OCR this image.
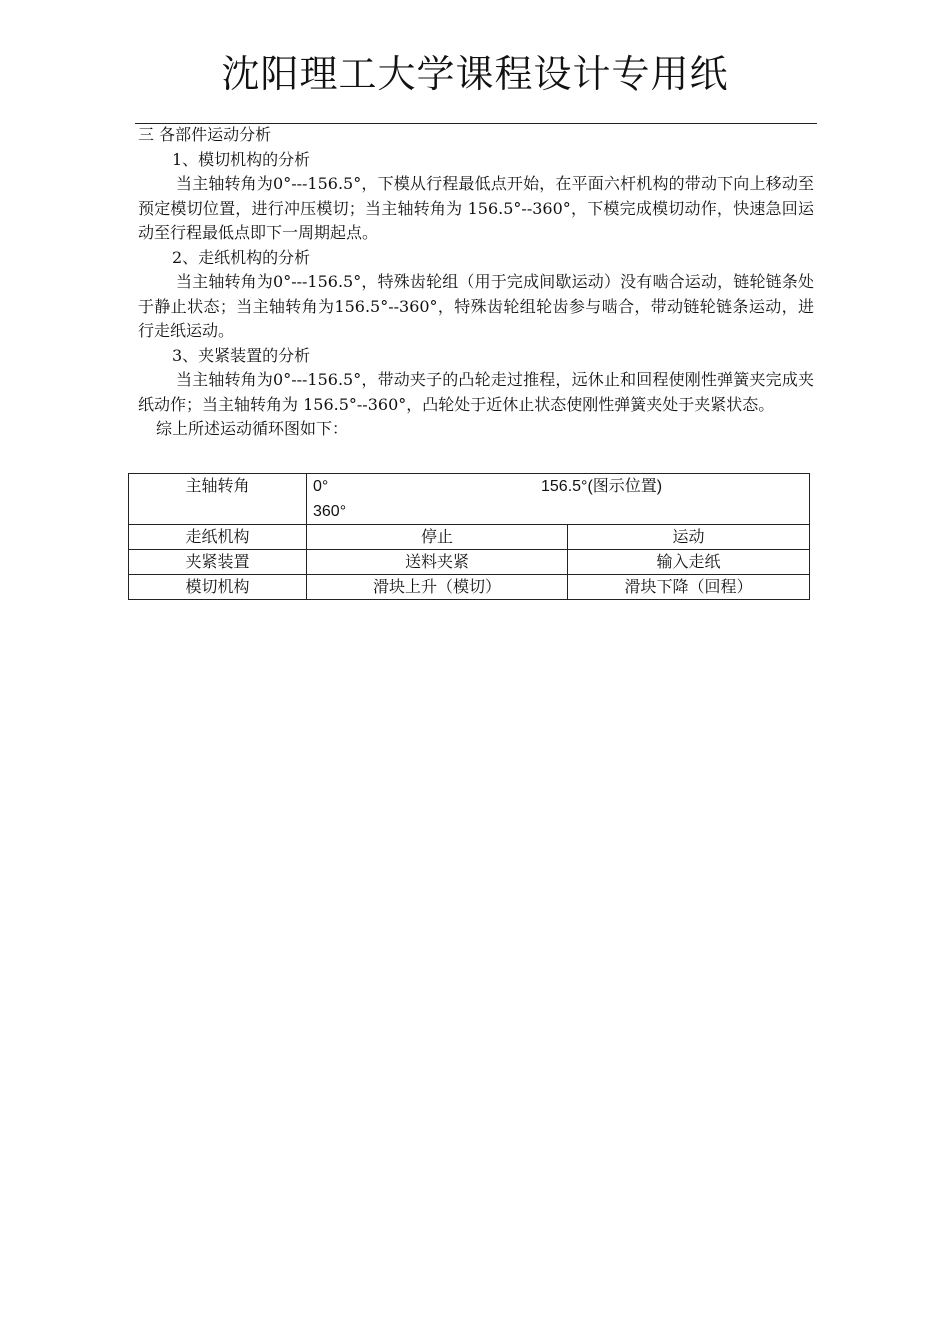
沈阳理工大学课程设计专用纸

三 各部件运动分析

1、模切机构的分析

当主轴转角为0°---156.5°，下模从行程最低点开始，在平面六杆机构的带动下向上移动至预定模切位置，进行冲压模切；当主轴转角为 156.5°--360°，下模完成模切动作，快速急回运动至行程最低点即下一周期起点。

2、走纸机构的分析

当主轴转角为0°---156.5°，特殊齿轮组（用于完成间歇运动）没有啮合运动，链轮链条处于静止状态；当主轴转角为156.5°--360°，特殊齿轮组轮齿参与啮合，带动链轮链条运动，进行走纸运动。

3、夹紧装置的分析

当主轴转角为0°---156.5°，带动夹子的凸轮走过推程，远休止和回程使刚性弹簧夹完成夹纸动作；当主轴转角为 156.5°--360°，凸轮处于近休止状态使刚性弹簧夹处于夹紧状态。

综上所述运动循环图如下：

主轴转角	0° 156.5°(图示位置)
360°	

走纸机构	停止	运动
夹紧装置	送料夹紧	输入走纸
模切机构	滑块上升（模切）	滑块下降（回程）
